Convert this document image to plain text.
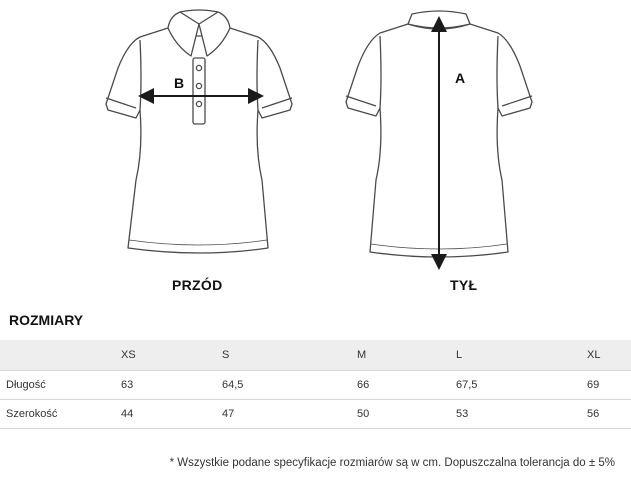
B	A
PRZÓD	TYŁ
ROZMIARY
	XS	S	M	L	XL
Długość	63	64,5	66	67,5	69
Szerokość	44	47	50	53	56
* Wszystkie podane specyfikacje rozmiarów są w cm. Dopuszczalna tolerancja do ± 5%
